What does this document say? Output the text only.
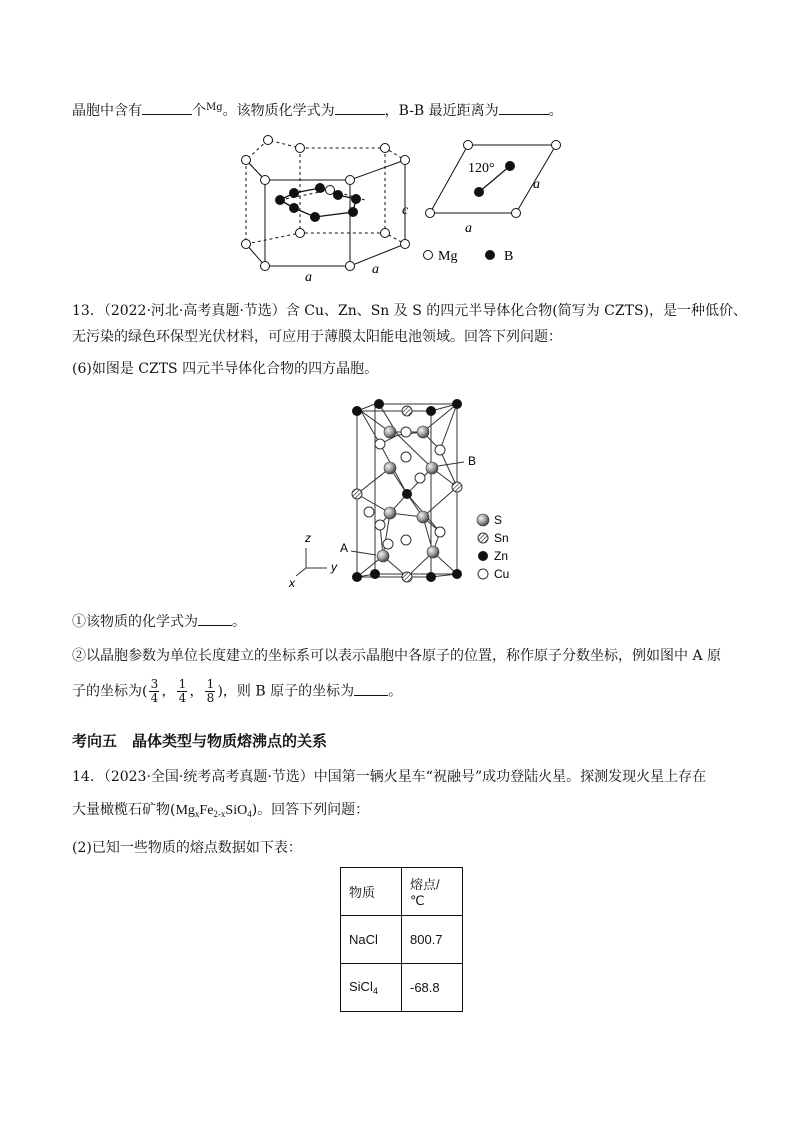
晶胞中含有	个$^{Mg}$。该物质化学式为	，B-B 最近距离为	。
a
a
c
120°
a
a
Mg	B
13．（2022·河北·高考真题·节选）含 Cu、Zn、Sn 及 S 的四元半导体化合物(简写为 CZTS)，是一种低价、
无污染的绿色环保型光伏材料，可应用于薄膜太阳能电池领域。回答下列问题：
(6)如图是 CZTS 四元半导体化合物的四方晶胞。
A
B
z
y
x
S
Sn
Zn
Cu
①该物质的化学式为 。
②以晶胞参数为单位长度建立的坐标系可以表示晶胞中各原子的位置，称作原子分数坐标，例如图中 A 原
子的坐标为( $\frac{3}{4}$ ， $\frac{1}{4}$ ， $\frac{1}{8}$ )，则 B 原子的坐标为 。
考向五　晶体类型与物质熔沸点的关系
14．（2023·全国·统考高考真题·节选）中国第一辆火星车“祝融号”成功登陆火星。探测发现火星上存在
大量橄榄石矿物$(Mg_xFe_{2-x}SiO_4)$。回答下列问题：
(2)已知一些物质的熔点数据如下表：
物质	熔点/℃
NaCl	800.7
SiCl$_4$	-68.8
